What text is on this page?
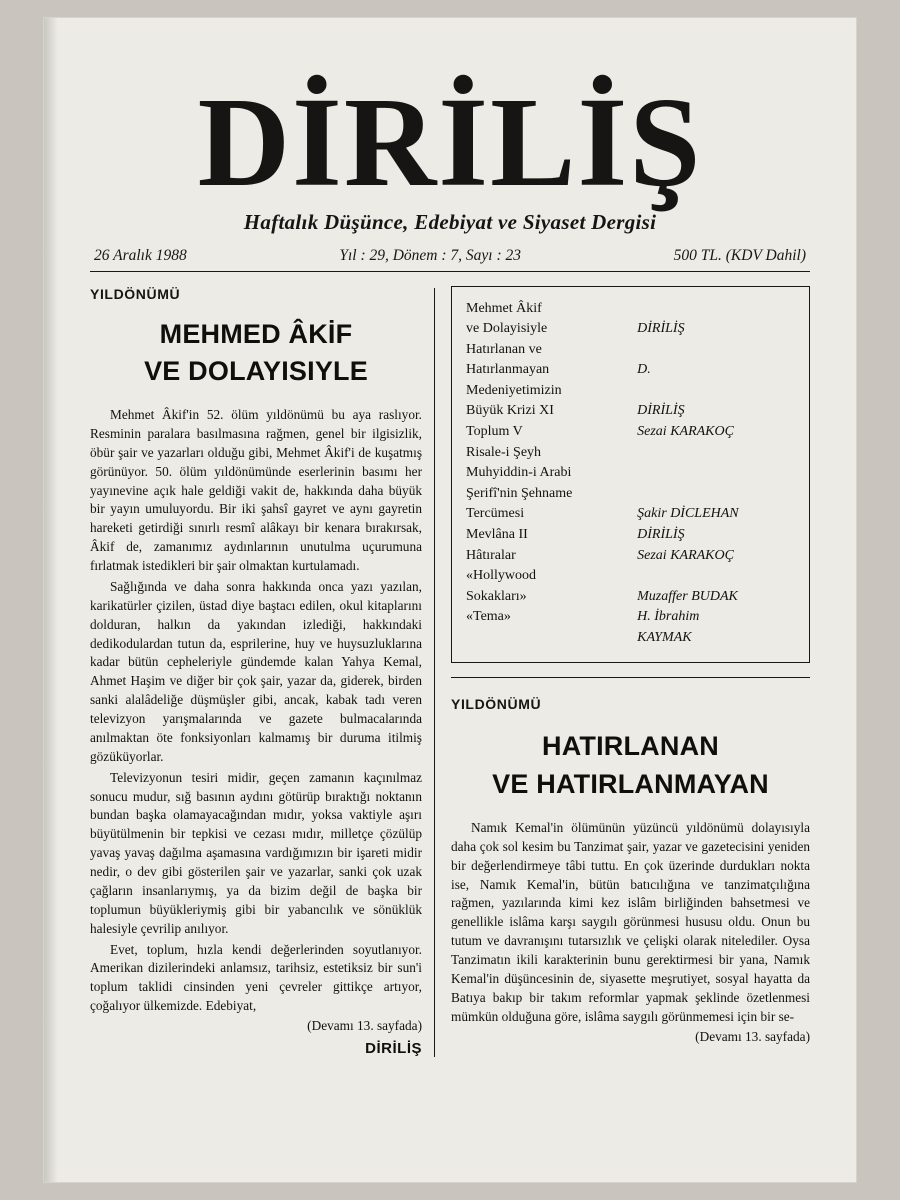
DİRİLİŞ
Haftalık Düşünce, Edebiyat ve Siyaset Dergisi
26 Aralık 1988	Yıl : 29, Dönem : 7, Sayı : 23	500 TL. (KDV Dahil)
YILDÖNÜMÜ
MEHMED ÂKİF
VE DOLAYISIYLE

Mehmet Âkif'in 52. ölüm yıldönümü bu aya raslıyor. Resminin paralara basılmasına rağmen, genel bir ilgisizlik, öbür şair ve yazarları olduğu gibi, Mehmet Âkif'i de kuşatmış görünüyor. 50. ölüm yıldönümünde eserlerinin basımı her yayınevine açık hale geldiği vakit de, hakkında daha büyük bir yayın umuluyordu. Bir iki şahsî gayret ve aynı gayretin hareketi getirdiği sınırlı resmî alâkayı bir kenara bırakırsak, Âkif de, zamanımız aydınlarının unutulma uçurumuna fırlatmak istedikleri bir şair olmaktan kurtulamadı.

Sağlığında ve daha sonra hakkında onca yazı yazılan, karikatürler çizilen, üstad diye baştacı edilen, okul kitaplarını dolduran, halkın da yakından izlediği, hakkındaki dedikodulardan tutun da, esprilerine, huy ve huysuzluklarına kadar bütün cepheleriyle gündemde kalan Yahya Kemal, Ahmet Haşim ve diğer bir çok şair, yazar da, giderek, birden sanki alalâdeliğe düşmüşler gibi, ancak, kabak tadı veren televizyon yarışmalarında ve gazete bulmacalarında anılmaktan öte fonksiyonları kalmamış bir duruma itilmiş gözüküyorlar.

Televizyonun tesiri midir, geçen zamanın kaçınılmaz sonucu mudur, sığ basının aydını götürüp bıraktığı noktanın bundan başka olamayacağından mıdır, yoksa vaktiyle aşırı büyütülmenin bir tepkisi ve cezası mıdır, milletçe çözülüp yavaş yavaş dağılma aşamasına vardığımızın bir işareti midir nedir, o dev gibi gösterilen şair ve yazarlar, sanki çok uzak çağların insanlarıymış, ya da bizim değil de başka bir toplumun büyükleriymiş gibi bir yabancılık ve sönüklük halesiyle çevrilip anılıyor.

Evet, toplum, hızla kendi değerlerinden soyutlanıyor. Amerikan dizilerindeki anlamsız, tarihsiz, estetiksiz bir sun'i toplum taklidi cinsinden yeni çevreler gittikçe artıyor, çoğalıyor ülkemizde. Edebiyat,

(Devamı 13. sayfada)
DİRİLİŞ
Mehmet Âkif	
ve Dolayisiyle	DİRİLİŞ
Hatırlanan ve	
Hatırlanmayan	D.
Medeniyetimizin	
Büyük Krizi XI	DİRİLİŞ
Toplum V	Sezai KARAKOÇ
Risale-i Şeyh	
Muhyiddin-i Arabi	
Şerifî'nin Şehname	
Tercümesi	Şakir DİCLEHAN
Mevlâna II	DİRİLİŞ
Hâtıralar	Sezai KARAKOÇ
«Hollywood	
Sokakları»	Muzaffer BUDAK
«Tema»	H. İbrahim
	KAYMAK
YILDÖNÜMÜ
HATIRLANAN
VE HATIRLANMAYAN

Namık Kemal'in ölümünün yüzüncü yıldönümü dolayısıyla daha çok sol kesim bu Tanzimat şair, yazar ve gazetecisini yeniden bir değerlendirmeye tâbi tuttu. En çok üzerinde durdukları nokta ise, Namık Kemal'in, bütün batıcılığına ve tanzimatçılığına rağmen, yazılarında kimi kez islâm birliğinden bahsetmesi ve genellikle islâma karşı saygılı görünmesi hususu oldu. Onun bu tutum ve davranışını tutarsızlık ve çelişki olarak nitelediler. Oysa Tanzimatın ikili karakterinin bunu gerektirmesi bir yana, Namık Kemal'in düşüncesinin de, siyasette meşrutiyet, sosyal hayatta da Batıya bakıp bir takım reformlar yapmak şeklinde özetlenmesi mümkün olduğuna göre, islâma saygılı görünmemesi için bir se-

(Devamı 13. sayfada)
